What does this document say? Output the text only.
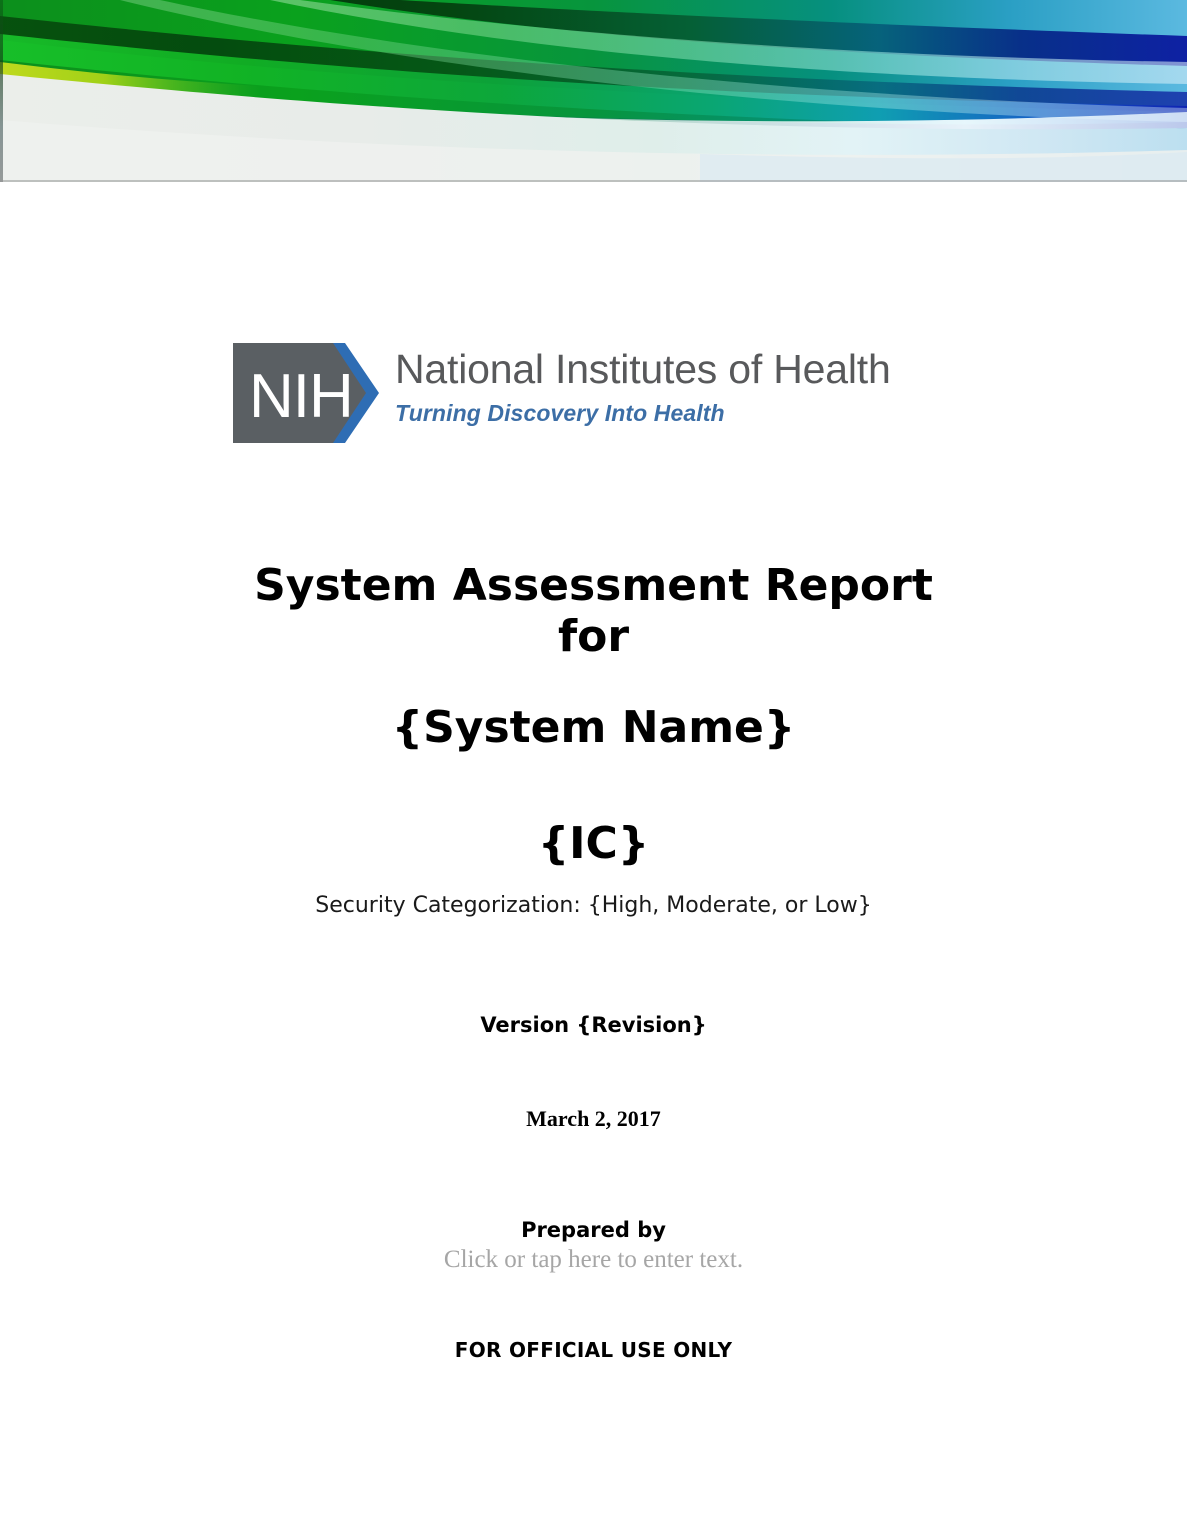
NIH National Institutes of Health
Turning Discovery Into Health
System Assessment Report
for
{System Name}
{IC}
Security Categorization: {High, Moderate, or Low}
Version {Revision}
March 2, 2017
Prepared by
Click or tap here to enter text.
FOR OFFICIAL USE ONLY
